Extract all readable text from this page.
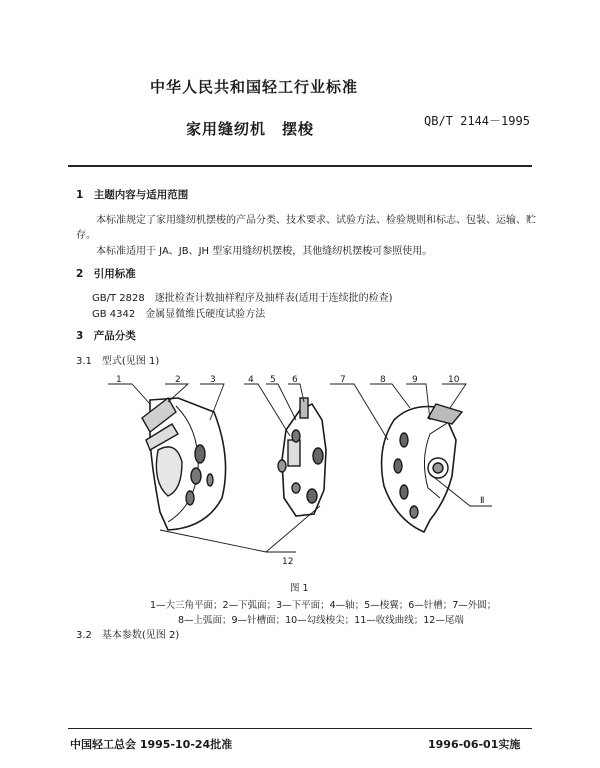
中华人民共和国轻工行业标准
家用缝纫机　摆梭	QB/T 2144－1995
1　主题内容与适用范围
本标准规定了家用缝纫机摆梭的产品分类、技术要求、试验方法、检验规则和标志、包装、运输、贮
存。
本标准适用于 JA、JB、JH 型家用缝纫机摆梭，其他缝纫机摆梭可参照使用。
2　引用标准
GB/T 2828　逐批检查计数抽样程序及抽样表(适用于连续批的检查)
GB 4342　金属显微维氏硬度试验方法
3　产品分类
3.1　型式(见图 1)
1	2	3	4 5 6	7	8	9	10
Ⅱ
12
图 1
1—大三角平面；2—下弧面；3—下平面；4—轴；5—梭翼；6—针槽；7—外圆；
8—上弧面；9—针槽面；10—勾线梭尖；11—收线曲线；12—尾端
3.2　基本参数(见图 2)
中国轻工总会 1995-10-24批准	1996-06-01实施
